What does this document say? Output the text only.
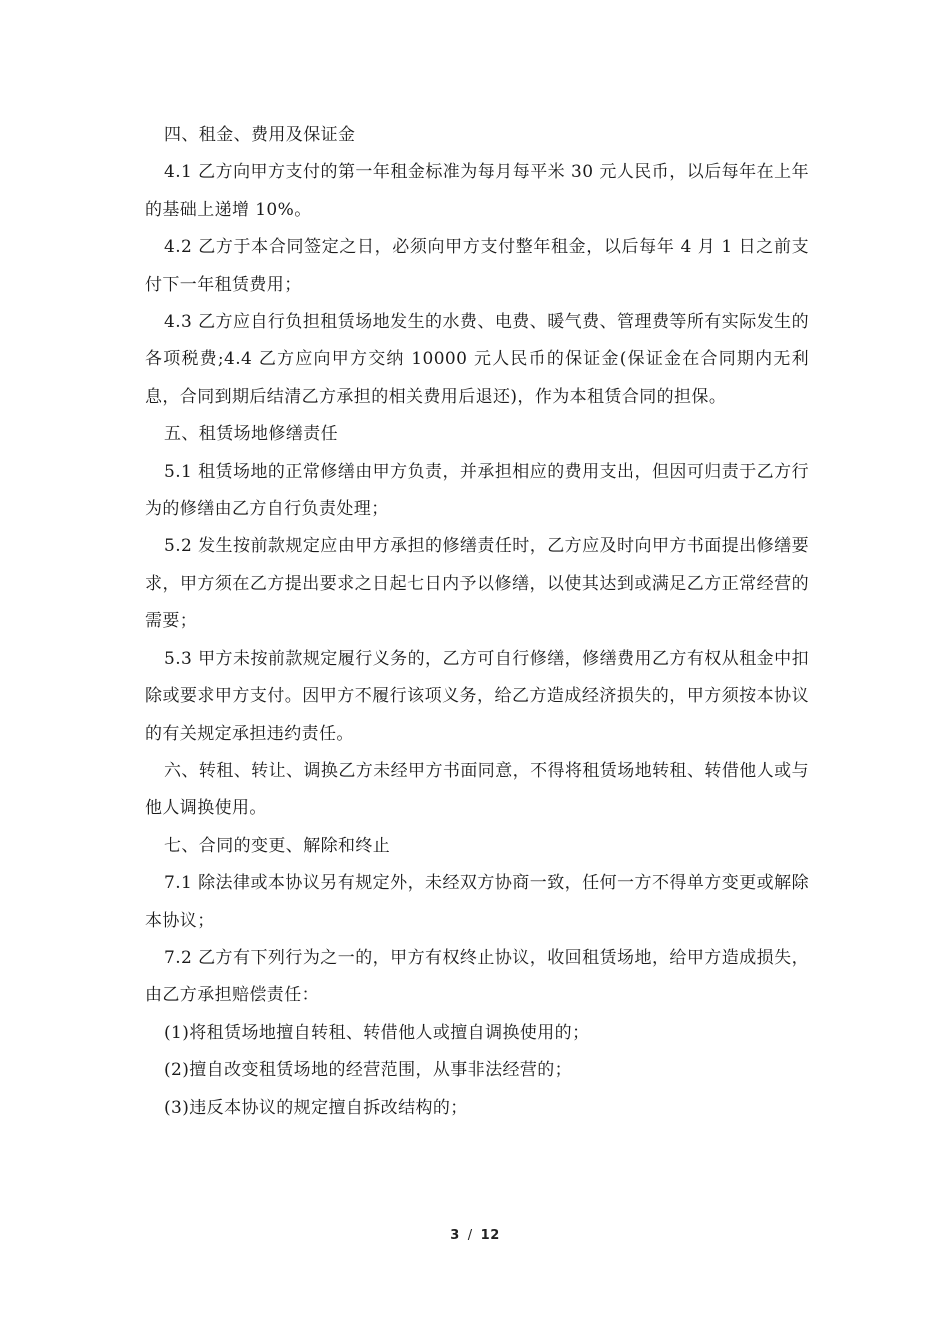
四、租金、费用及保证金

4.1 乙方向甲方支付的第一年租金标准为每月每平米 30 元人民币，以后每年在上年的基础上递增 10%。

4.2 乙方于本合同签定之日，必须向甲方支付整年租金，以后每年 4 月 1 日之前支付下一年租赁费用；

4.3 乙方应自行负担租赁场地发生的水费、电费、暖气费、管理费等所有实际发生的各项税费;4.4 乙方应向甲方交纳 10000 元人民币的保证金(保证金在合同期内无利息，合同到期后结清乙方承担的相关费用后退还)，作为本租赁合同的担保。

五、租赁场地修缮责任

5.1 租赁场地的正常修缮由甲方负责，并承担相应的费用支出，但因可归责于乙方行为的修缮由乙方自行负责处理；

5.2 发生按前款规定应由甲方承担的修缮责任时，乙方应及时向甲方书面提出修缮要求，甲方须在乙方提出要求之日起七日内予以修缮，以使其达到或满足乙方正常经营的需要；

5.3 甲方未按前款规定履行义务的，乙方可自行修缮，修缮费用乙方有权从租金中扣除或要求甲方支付。因甲方不履行该项义务，给乙方造成经济损失的，甲方须按本协议的有关规定承担违约责任。

六、转租、转让、调换乙方未经甲方书面同意，不得将租赁场地转租、转借他人或与他人调换使用。

七、合同的变更、解除和终止

7.1 除法律或本协议另有规定外，未经双方协商一致，任何一方不得单方变更或解除本协议；

7.2 乙方有下列行为之一的，甲方有权终止协议，收回租赁场地，给甲方造成损失，由乙方承担赔偿责任：

(1)将租赁场地擅自转租、转借他人或擅自调换使用的；

(2)擅自改变租赁场地的经营范围，从事非法经营的；

(3)违反本协议的规定擅自拆改结构的；

3 / 12
